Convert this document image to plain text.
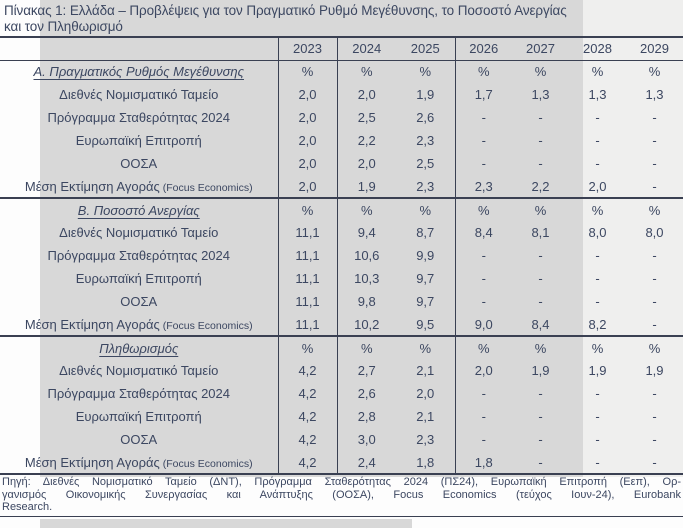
Πίνακας 1: Ελλάδα – Προβλέψεις για τον Πραγματικό Ρυθμό Μεγέθυνσης, το Ποσοστό Ανεργίας
και τον Πληθωρισμό
	2023	2024	2025	2026	2027	2028	2029
Α. Πραγματικός Ρυθμός Μεγέθυνσης	%	%	%	%	%	%	%
Διεθνές Νομισματικό Ταμείο	2,0	2,0	1,9	1,7	1,3	1,3	1,3
Πρόγραμμα Σταθερότητας 2024	2,0	2,5	2,6	-	-	-	-
Ευρωπαϊκή Επιτροπή	2,0	2,2	2,3	-	-	-	-
ΟΟΣΑ	2,0	2,0	2,5	-	-	-	-
Μέση Εκτίμηση Αγοράς (Focus Economics)	2,0	1,9	2,3	2,3	2,2	2,0	-
Β. Ποσοστό Ανεργίας	%	%	%	%	%	%	%
Διεθνές Νομισματικό Ταμείο	11,1	9,4	8,7	8,4	8,1	8,0	8,0
Πρόγραμμα Σταθερότητας 2024	11,1	10,6	9,9	-	-	-	-
Ευρωπαϊκή Επιτροπή	11,1	10,3	9,7	-	-	-	-
ΟΟΣΑ	11,1	9,8	9,7	-	-	-	-
Μέση Εκτίμηση Αγοράς (Focus Economics)	11,1	10,2	9,5	9,0	8,4	8,2	-
Πληθωρισμός	%	%	%	%	%	%	%
Διεθνές Νομισματικό Ταμείο	4,2	2,7	2,1	2,0	1,9	1,9	1,9
Πρόγραμμα Σταθερότητας 2024	4,2	2,6	2,0	-	-	-	-
Ευρωπαϊκή Επιτροπή	4,2	2,8	2,1	-	-	-	-
ΟΟΣΑ	4,2	3,0	2,3	-	-	-	-
Μέση Εκτίμηση Αγοράς (Focus Economics)	4,2	2,4	1,8	1,8	-	-	-
Πηγή: Διεθνές Νομισματικό Ταμείο (ΔΝΤ), Πρόγραμμα Σταθερότητας 2024 (ΠΣ24), Ευρωπαϊκή Επιτροπή (Εεπ), Ορ-
γανισμός Οικονομικής Συνεργασίας και Ανάπτυξης (ΟΟΣΑ), Focus Economics (τεύχος Ιουν-24), Eurobank
Research.
